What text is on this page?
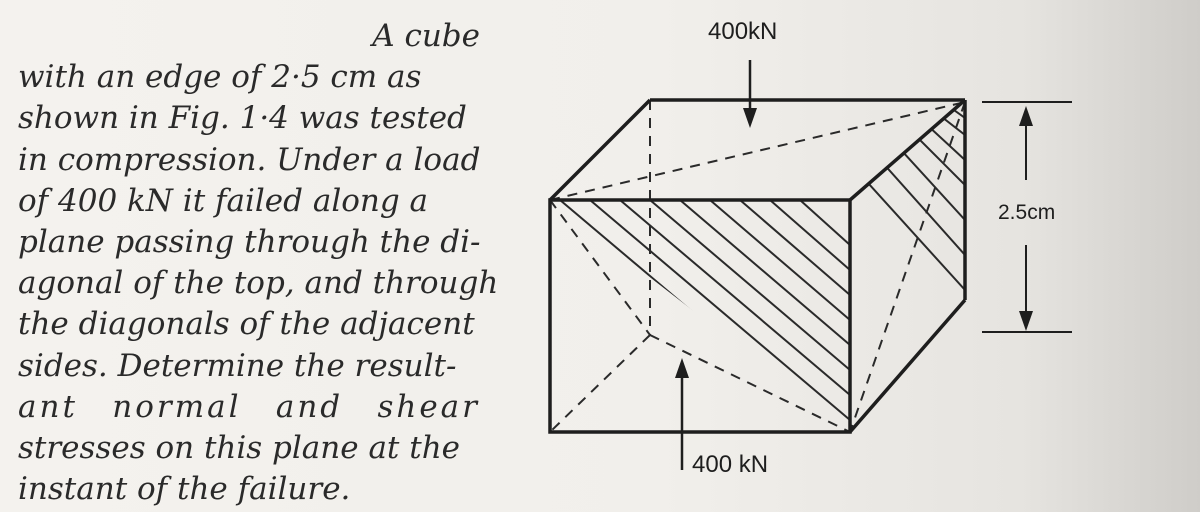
A cube
with an edge of 2·5 cm as
shown in Fig. 1·4 was tested
in compression. Under a load
of 400 kN it failed along a
plane passing through the di-
agonal of the top, and through
the diagonals of the adjacent
sides. Determine the result-
ant normal and shear
stresses on this plane at the
instant of the failure.
400kN
400 kN
2.5cm
